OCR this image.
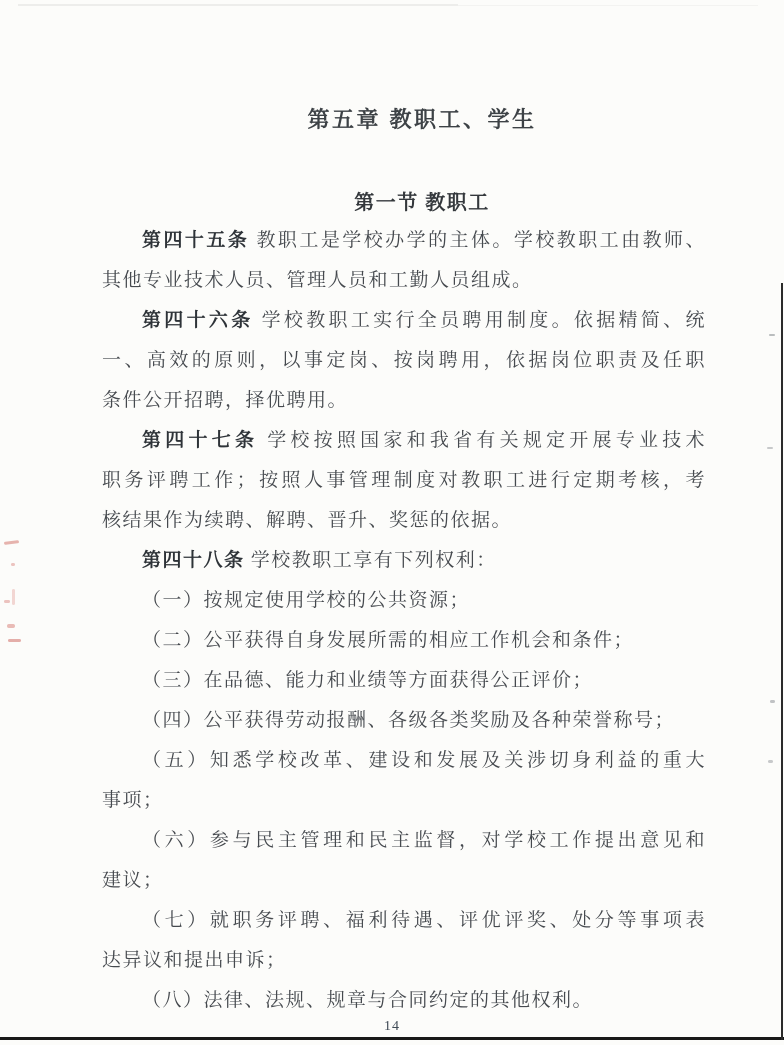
第五章 教职工、学生
第一节 教职工
第四十五条 教职工是学校办学的主体。学校教职工由教师、
其他专业技术人员、管理人员和工勤人员组成。
第四十六条 学校教职工实行全员聘用制度。依据精简、统
一、高效的原则，以事定岗、按岗聘用，依据岗位职责及任职
条件公开招聘，择优聘用。
第四十七条 学校按照国家和我省有关规定开展专业技术
职务评聘工作；按照人事管理制度对教职工进行定期考核，考
核结果作为续聘、解聘、晋升、奖惩的依据。
第四十八条 学校教职工享有下列权利：
（一）按规定使用学校的公共资源；
（二）公平获得自身发展所需的相应工作机会和条件；
（三）在品德、能力和业绩等方面获得公正评价；
（四）公平获得劳动报酬、各级各类奖励及各种荣誉称号；
（五）知悉学校改革、建设和发展及关涉切身利益的重大
事项；
（六）参与民主管理和民主监督，对学校工作提出意见和
建议；
（七）就职务评聘、福利待遇、评优评奖、处分等事项表
达异议和提出申诉；
（八）法律、法规、规章与合同约定的其他权利。
14
